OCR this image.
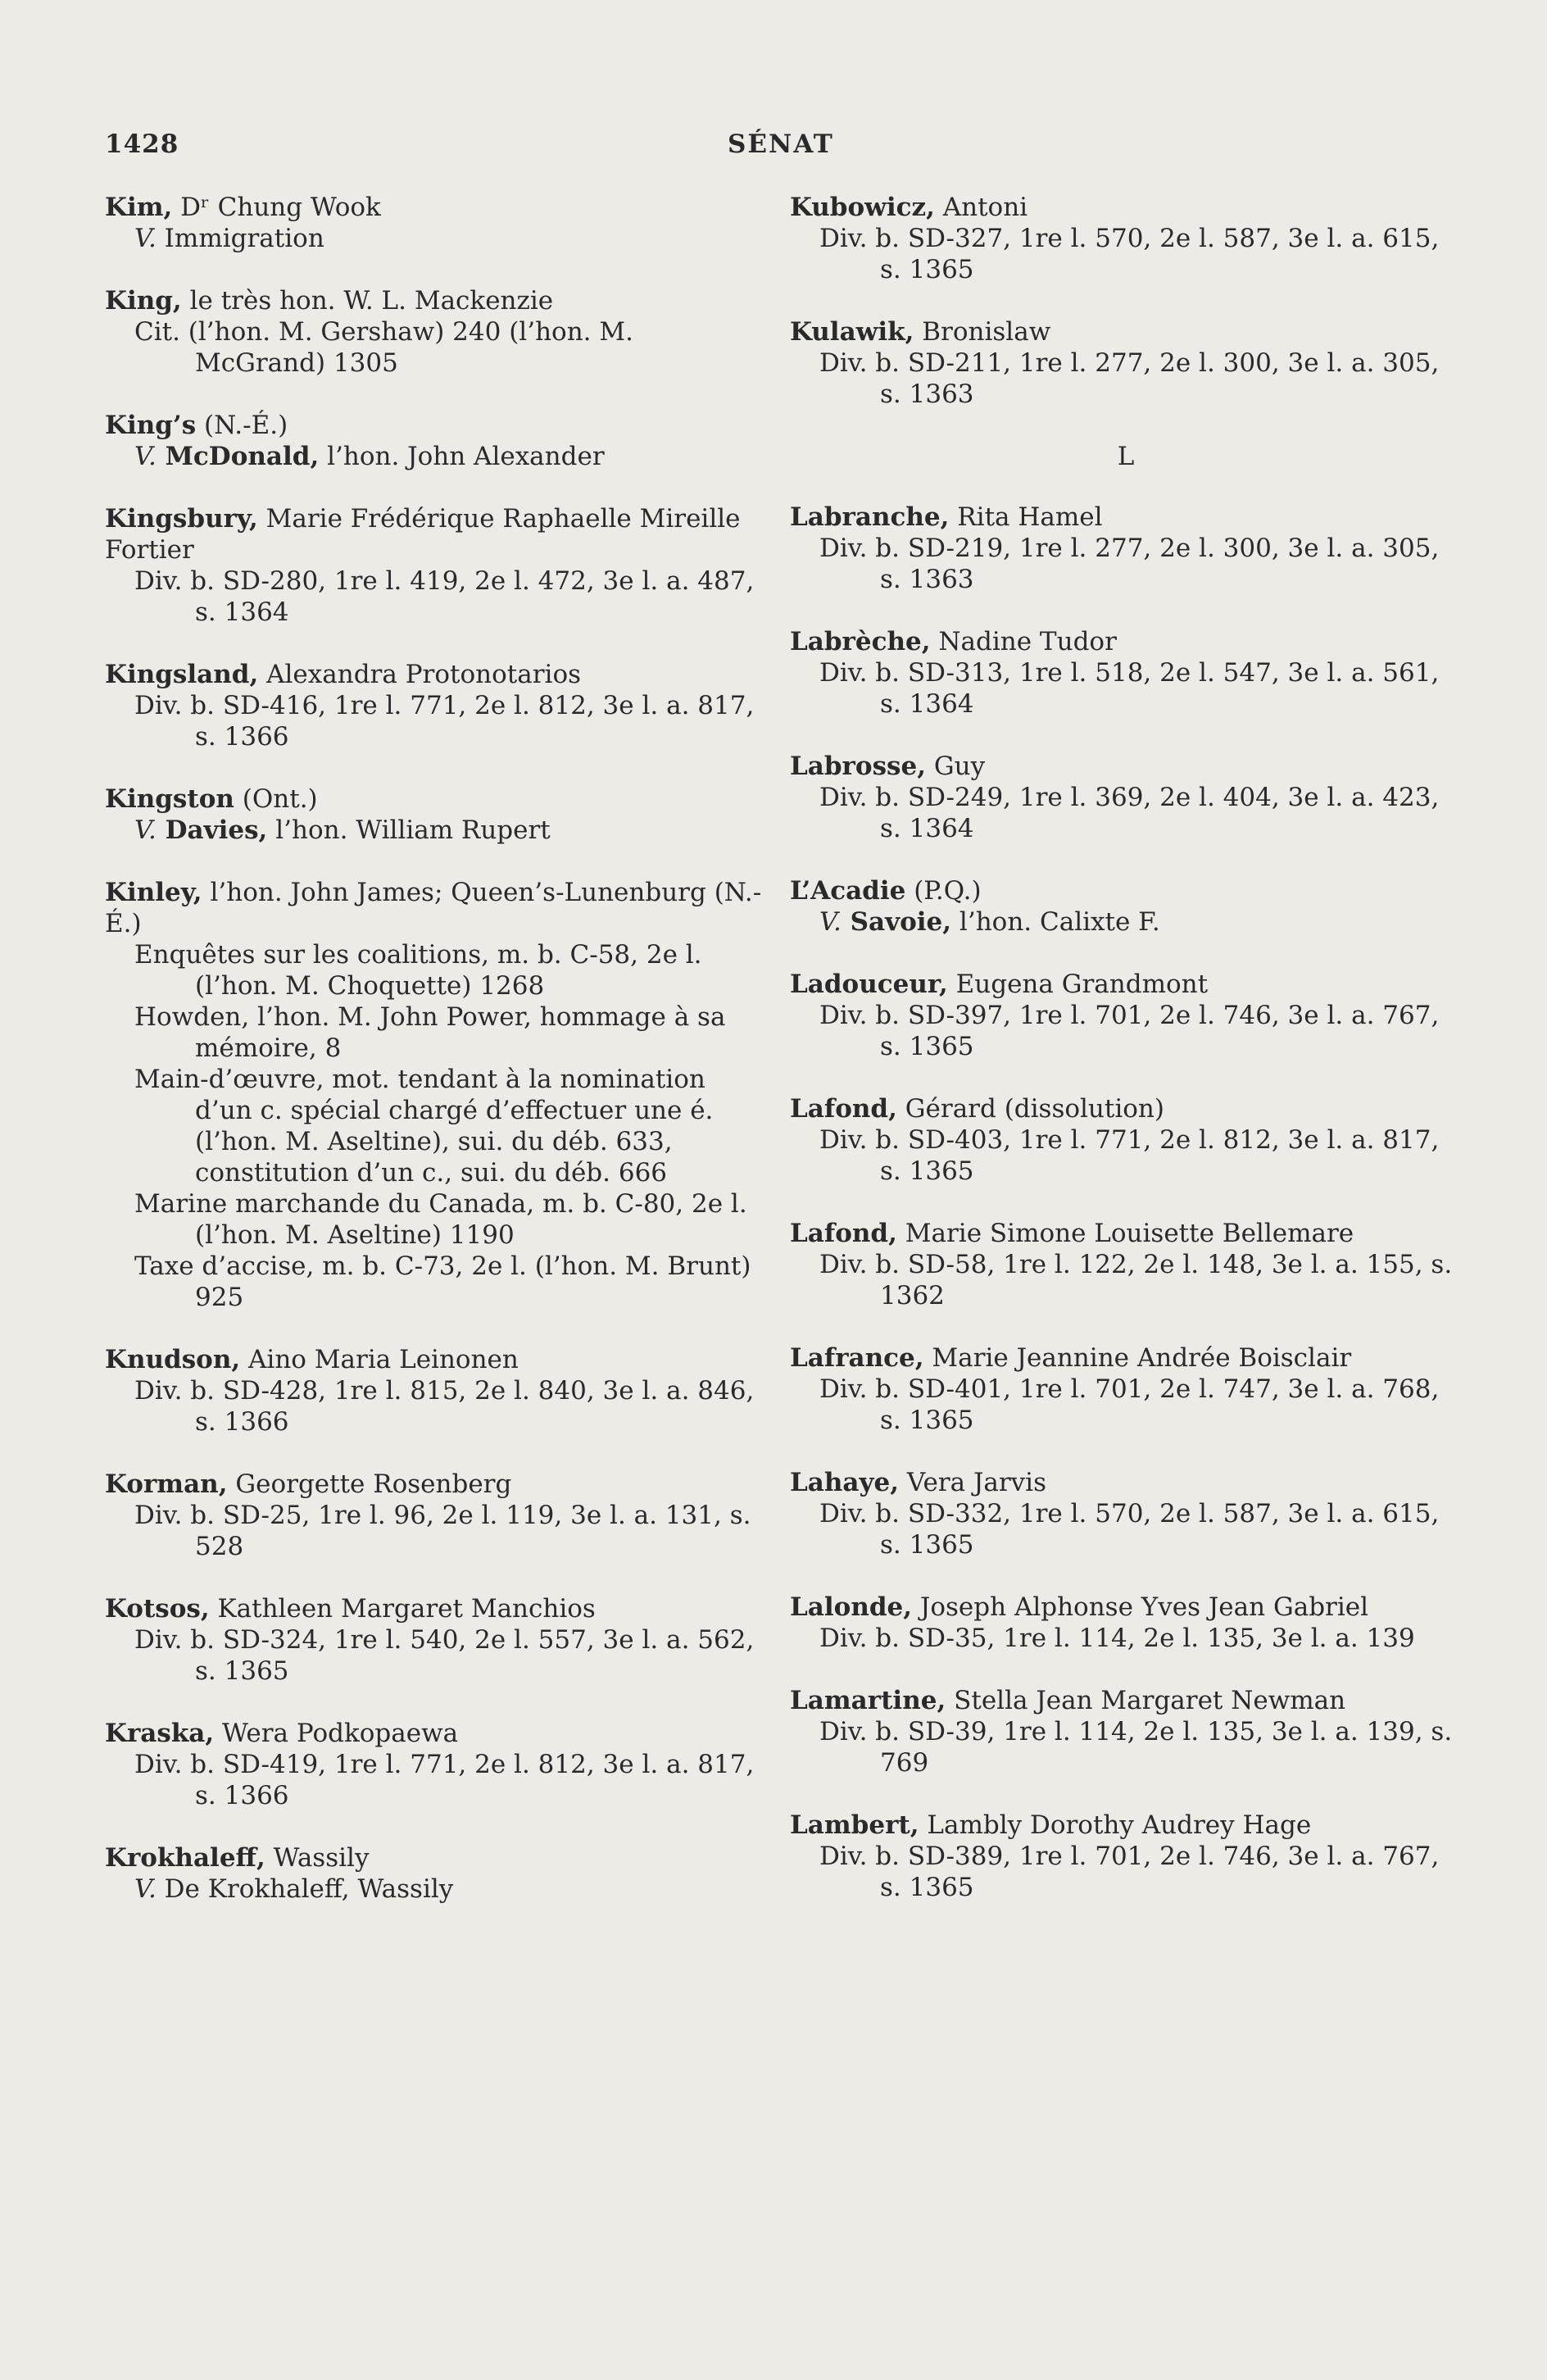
1428	SÉNAT
Kim, Dʳ Chung Wook
V. Immigration
King, le très hon. W. L. Mackenzie
Cit. (l’hon. M. Gershaw) 240 (l’hon. M. McGrand) 1305
King’s (N.-É.)
V. McDonald, l’hon. John Alexander
Kingsbury, Marie Frédérique Raphaelle Mireille Fortier
Div. b. SD-280, 1re l. 419, 2e l. 472, 3e l. a. 487, s. 1364
Kingsland, Alexandra Protonotarios
Div. b. SD-416, 1re l. 771, 2e l. 812, 3e l. a. 817, s. 1366
Kingston (Ont.)
V. Davies, l’hon. William Rupert
Kinley, l’hon. John James; Queen’s-Lunenburg (N.-É.)
Enquêtes sur les coalitions, m. b. C-58, 2e l. (l’hon. M. Choquette) 1268
Howden, l’hon. M. John Power, hommage à sa mémoire, 8
Main-d’œuvre, mot. tendant à la nomination d’un c. spécial chargé d’effectuer une é. (l’hon. M. Aseltine), sui. du déb. 633, constitution d’un c., sui. du déb. 666
Marine marchande du Canada, m. b. C-80, 2e l. (l’hon. M. Aseltine) 1190
Taxe d’accise, m. b. C-73, 2e l. (l’hon. M. Brunt) 925
Knudson, Aino Maria Leinonen
Div. b. SD-428, 1re l. 815, 2e l. 840, 3e l. a. 846, s. 1366
Korman, Georgette Rosenberg
Div. b. SD-25, 1re l. 96, 2e l. 119, 3e l. a. 131, s. 528
Kotsos, Kathleen Margaret Manchios
Div. b. SD-324, 1re l. 540, 2e l. 557, 3e l. a. 562, s. 1365
Kraska, Wera Podkopaewa
Div. b. SD-419, 1re l. 771, 2e l. 812, 3e l. a. 817, s. 1366
Krokhaleff, Wassily
V. De Krokhaleff, Wassily
Kubowicz, Antoni
Div. b. SD-327, 1re l. 570, 2e l. 587, 3e l. a. 615, s. 1365
Kulawik, Bronislaw
Div. b. SD-211, 1re l. 277, 2e l. 300, 3e l. a. 305, s. 1363
L
Labranche, Rita Hamel
Div. b. SD-219, 1re l. 277, 2e l. 300, 3e l. a. 305, s. 1363
Labrèche, Nadine Tudor
Div. b. SD-313, 1re l. 518, 2e l. 547, 3e l. a. 561, s. 1364
Labrosse, Guy
Div. b. SD-249, 1re l. 369, 2e l. 404, 3e l. a. 423, s. 1364
L’Acadie (P.Q.)
V. Savoie, l’hon. Calixte F.
Ladouceur, Eugena Grandmont
Div. b. SD-397, 1re l. 701, 2e l. 746, 3e l. a. 767, s. 1365
Lafond, Gérard (dissolution)
Div. b. SD-403, 1re l. 771, 2e l. 812, 3e l. a. 817, s. 1365
Lafond, Marie Simone Louisette Bellemare
Div. b. SD-58, 1re l. 122, 2e l. 148, 3e l. a. 155, s. 1362
Lafrance, Marie Jeannine Andrée Boisclair
Div. b. SD-401, 1re l. 701, 2e l. 747, 3e l. a. 768, s. 1365
Lahaye, Vera Jarvis
Div. b. SD-332, 1re l. 570, 2e l. 587, 3e l. a. 615, s. 1365
Lalonde, Joseph Alphonse Yves Jean Gabriel
Div. b. SD-35, 1re l. 114, 2e l. 135, 3e l. a. 139
Lamartine, Stella Jean Margaret Newman
Div. b. SD-39, 1re l. 114, 2e l. 135, 3e l. a. 139, s. 769
Lambert, Lambly Dorothy Audrey Hage
Div. b. SD-389, 1re l. 701, 2e l. 746, 3e l. a. 767, s. 1365
